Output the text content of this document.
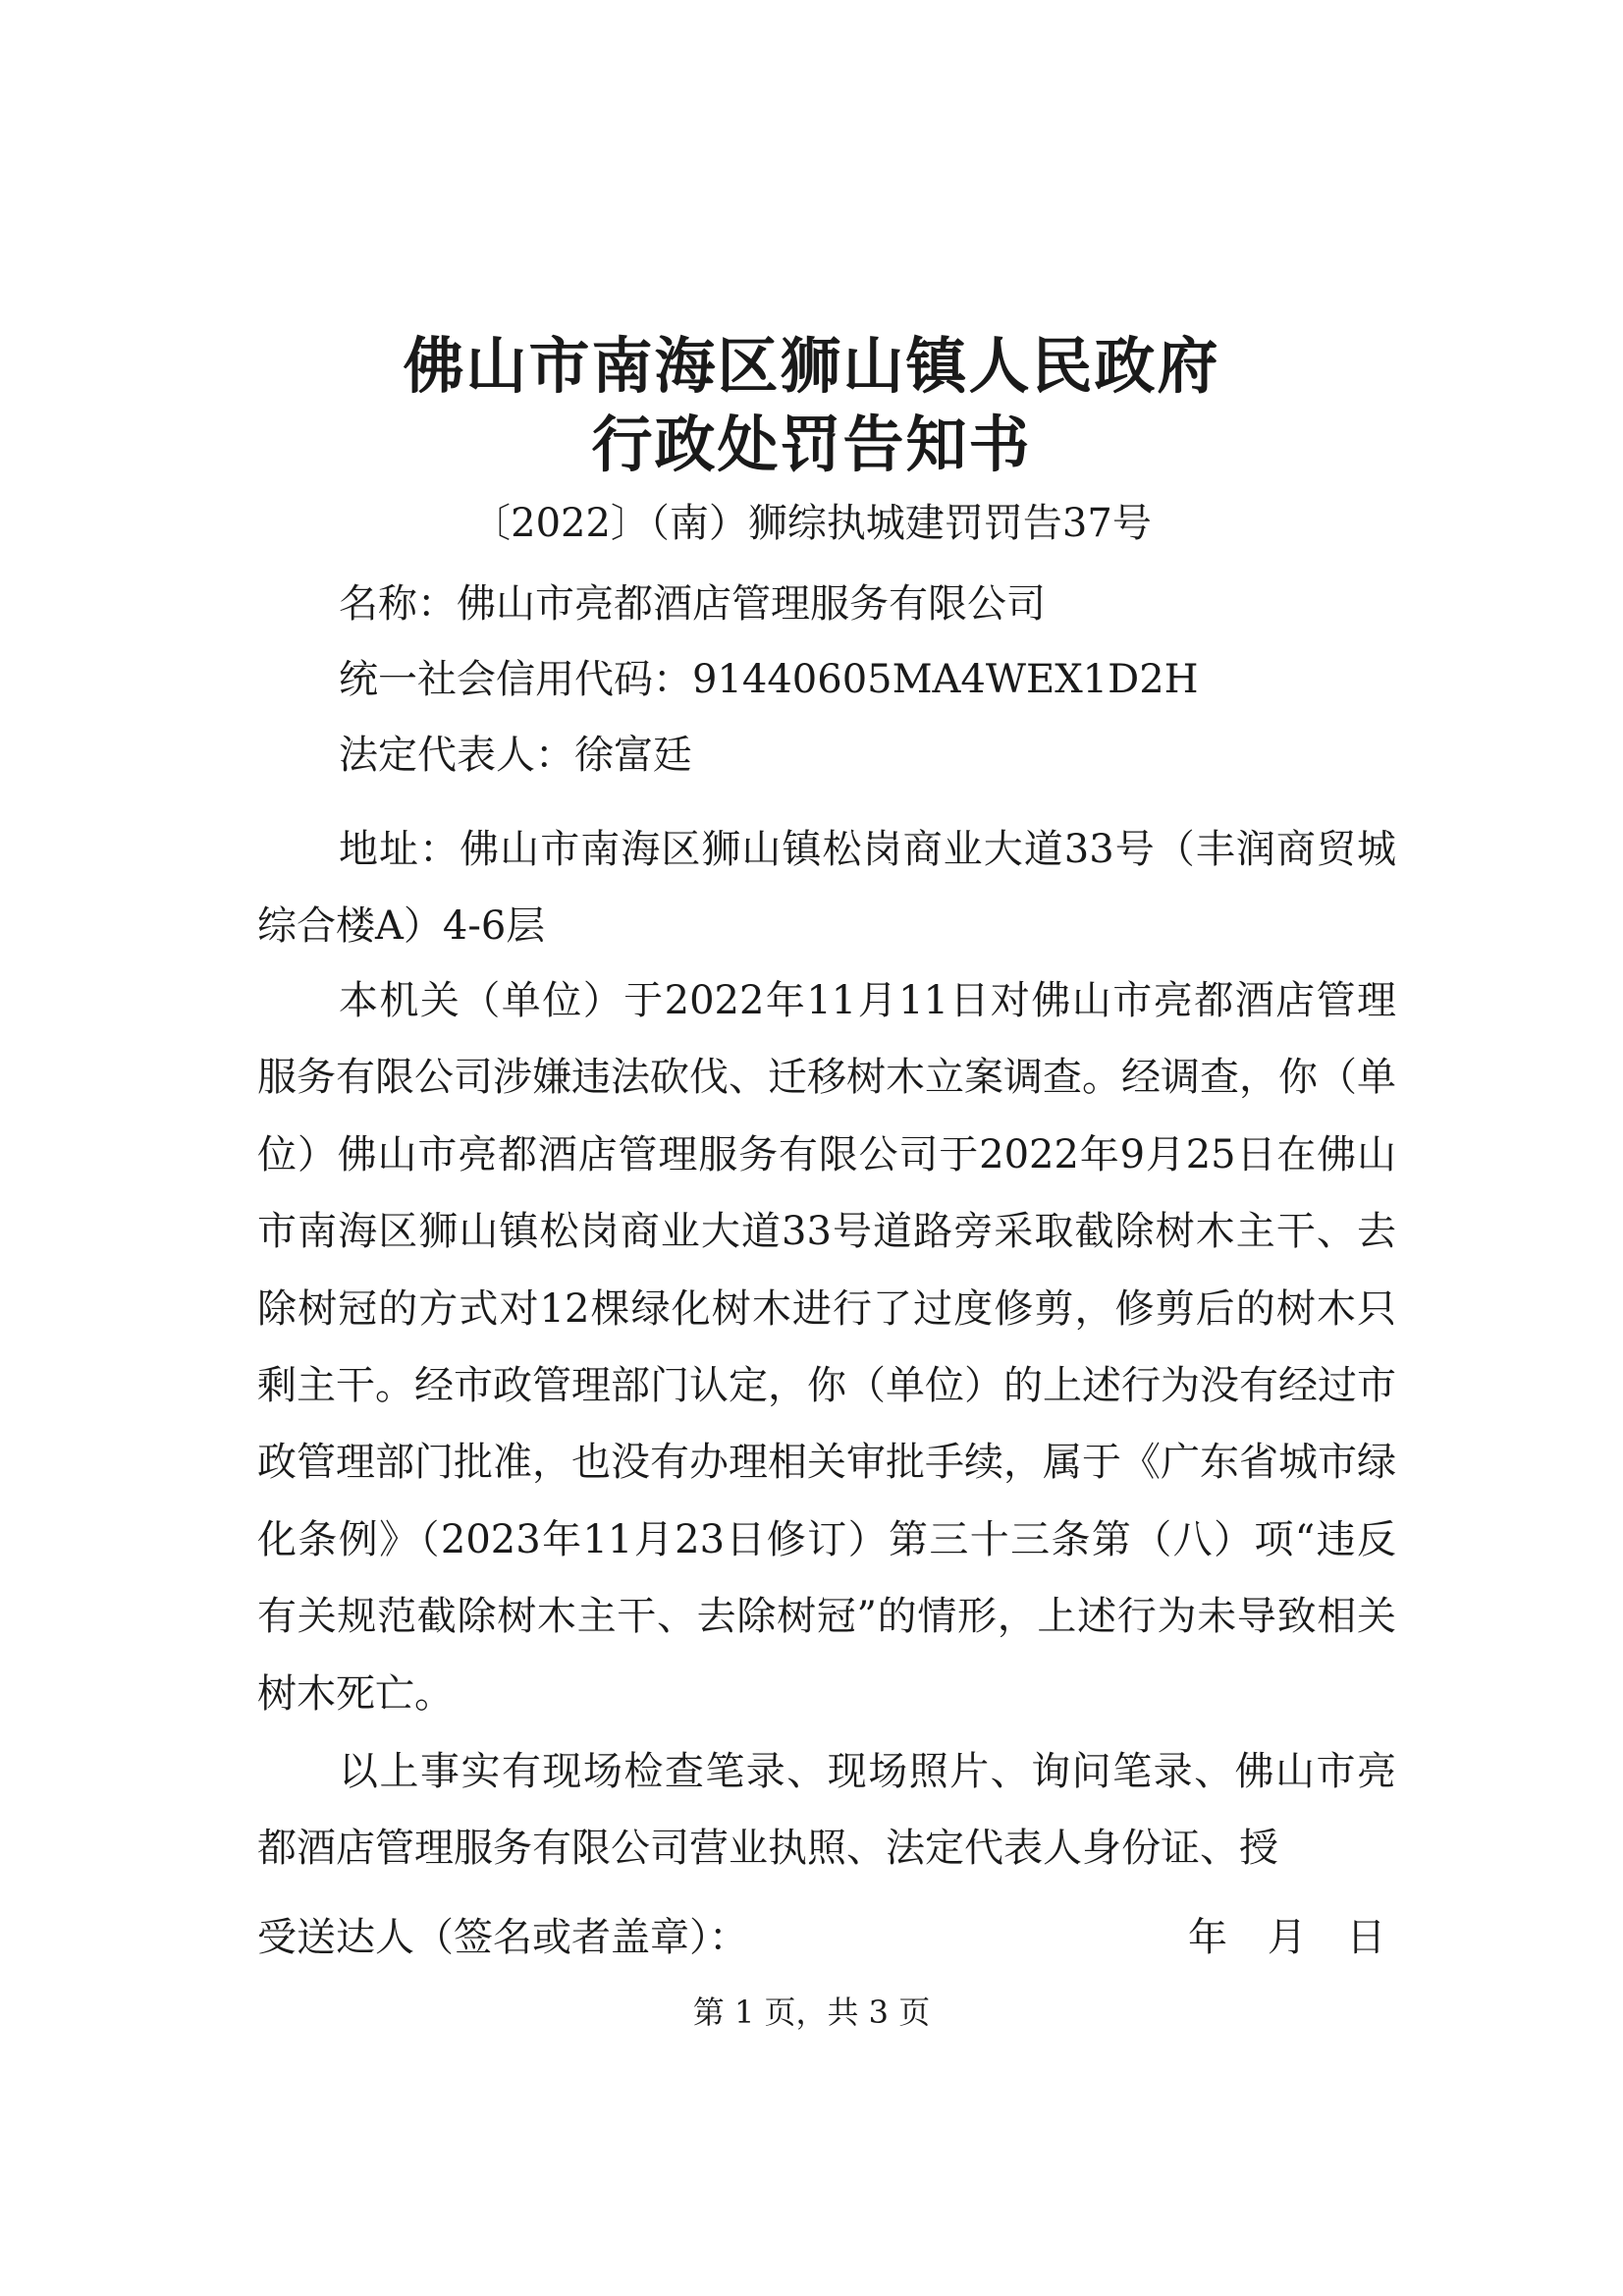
佛山市南海区狮山镇人民政府
行政处罚告知书
〔2022〕（南）狮综执城建罚罚告37号
名称：佛山市亮都酒店管理服务有限公司
统一社会信用代码：91440605MA4WEX1D2H
法定代表人：徐富廷
地址：佛山市南海区狮山镇松岗商业大道33号（丰润商贸城综合楼A）4-6层
本机关（单位）于2022年11月11日对佛山市亮都酒店管理服务有限公司涉嫌违法砍伐、迁移树木立案调查。经调查，你（单位）佛山市亮都酒店管理服务有限公司于2022年9月25日在佛山市南海区狮山镇松岗商业大道33号道路旁采取截除树木主干、去除树冠的方式对12棵绿化树木进行了过度修剪，修剪后的树木只剩主干。经市政管理部门认定，你（单位）的上述行为没有经过市政管理部门批准，也没有办理相关审批手续，属于《广东省城市绿化条例》（2023年11月23日修订）第三十三条第（八）项“违反有关规范截除树木主干、去除树冠”的情形，上述行为未导致相关树木死亡。
以上事实有现场检查笔录、现场照片、询问笔录、佛山市亮都酒店管理服务有限公司营业执照、法定代表人身份证、授
受送达人（签名或者盖章）：	年 月 日
第 1 页，共 3 页
